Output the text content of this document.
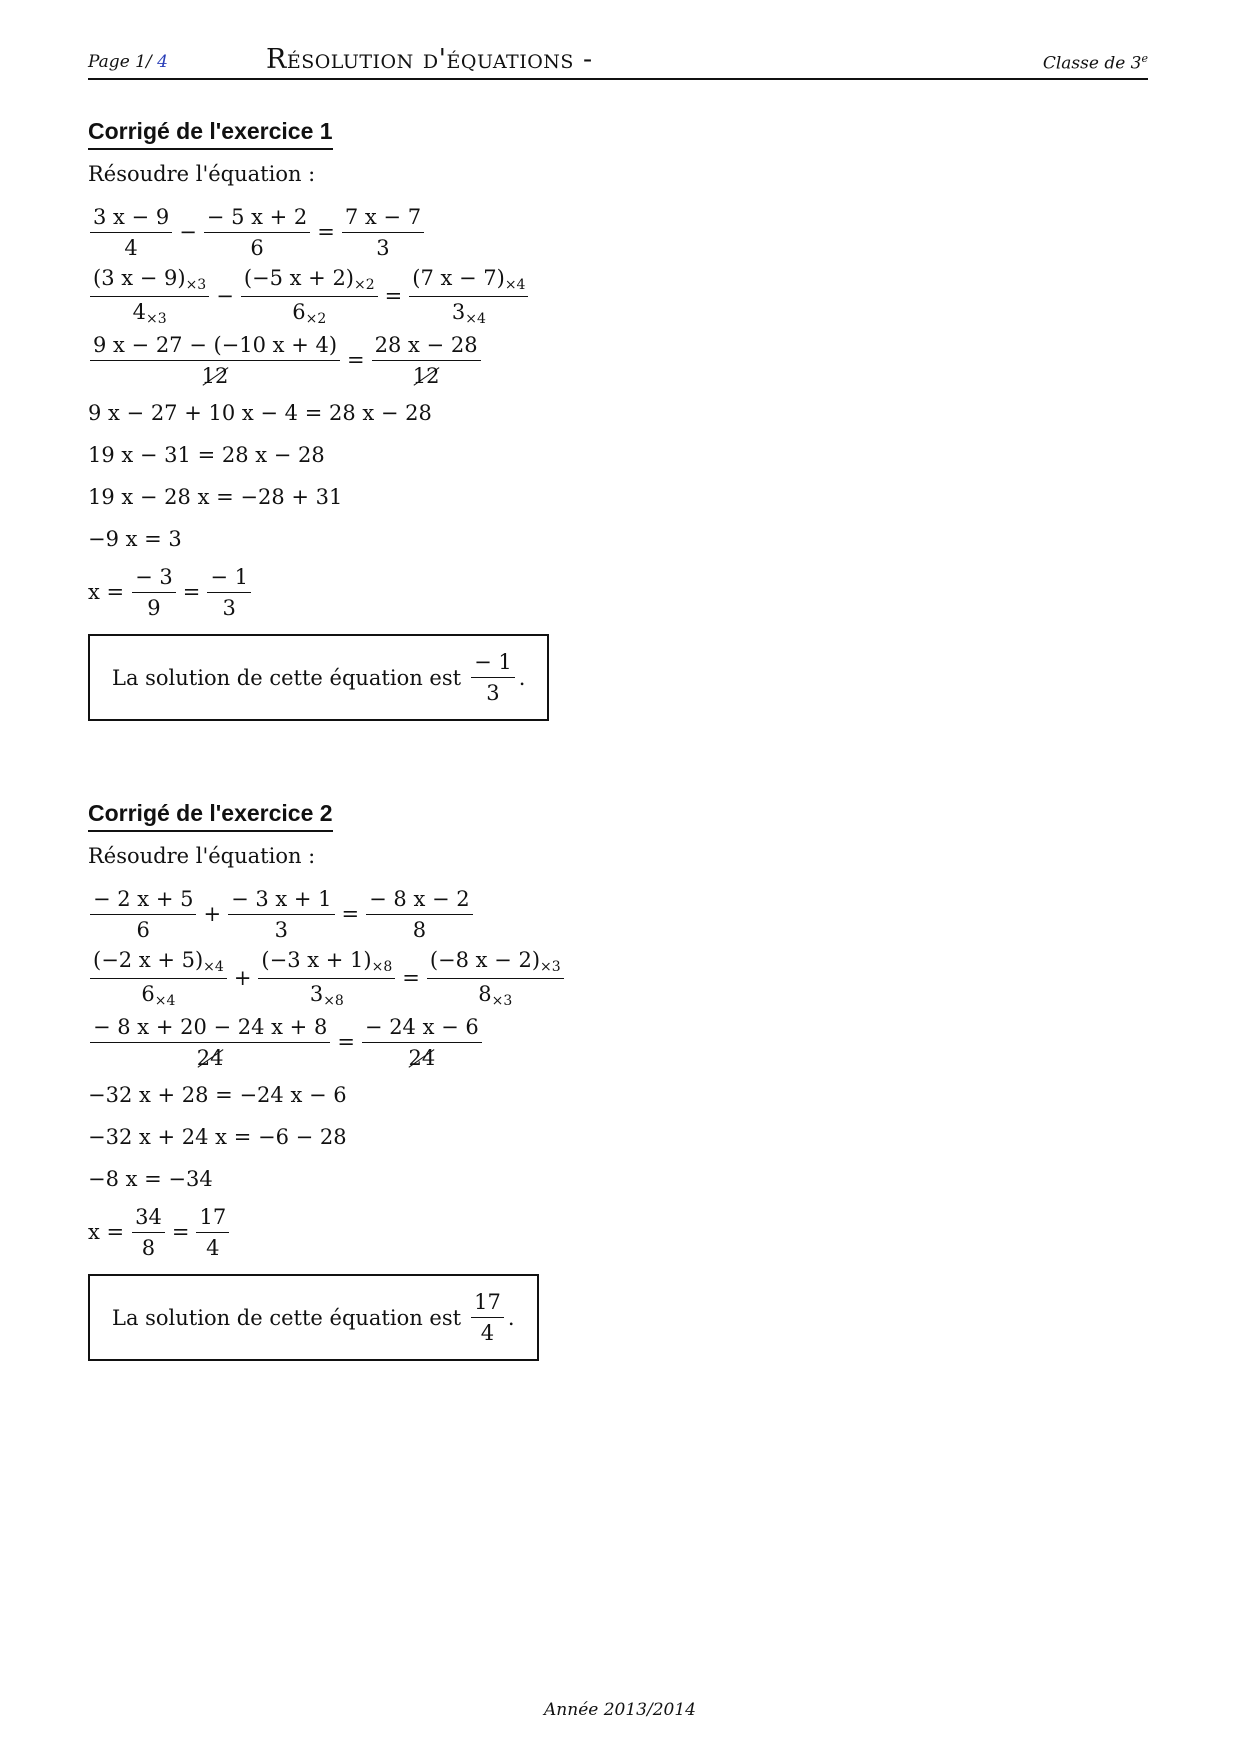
Page 1/ 4	Résolution d'équations -	Classe de 3e
Corrigé de l'exercice 1
Résoudre l'équation :
$\frac{3 x - 9}{4} - \frac{- 5 x + 2}{6} = \frac{7 x - 7}{3}$
$\frac{(3 x - 9)_{\times 3}}{4_{\times 3}} - \frac{(-5 x + 2)_{\times 2}}{6_{\times 2}} = \frac{(7 x - 7)_{\times 4}}{3_{\times 4}}$
$\frac{9 x - 27 - (-10 x + 4)}{12} = \frac{28 x - 28}{12}$
9 x − 27 + 10 x − 4 = 28 x − 28
19 x − 31 = 28 x − 28
19 x − 28 x = −28 + 31
−9 x = 3
$x = \frac{- 3}{9} = \frac{- 1}{3}$
La solution de cette équation est $\frac{- 1}{3}$ .
Corrigé de l'exercice 2
Résoudre l'équation :
$\frac{- 2 x + 5}{6} + \frac{- 3 x + 1}{3} = \frac{- 8 x - 2}{8}$
$\frac{(-2 x + 5)_{\times 4}}{6_{\times 4}} + \frac{(-3 x + 1)_{\times 8}}{3_{\times 8}} = \frac{(-8 x - 2)_{\times 3}}{8_{\times 3}}$
$\frac{- 8 x + 20 - 24 x + 8}{24} = \frac{- 24 x - 6}{24}$
−32 x + 28 = −24 x − 6
−32 x + 24 x = −6 − 28
−8 x = −34
$x = \frac{34}{8} = \frac{17}{4}$
La solution de cette équation est $\frac{17}{4}$ .
Année 2013/2014
